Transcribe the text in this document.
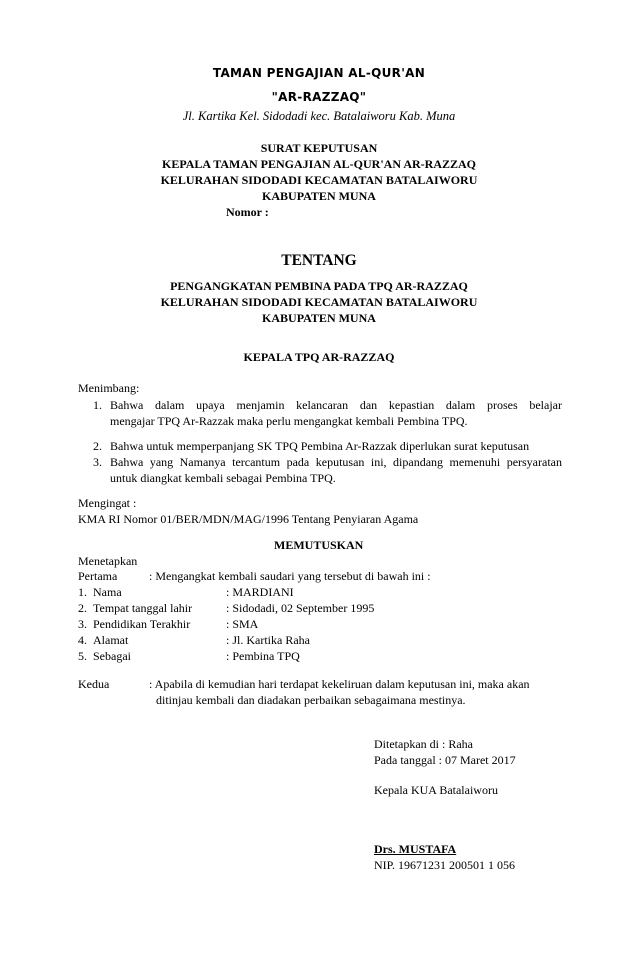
TAMAN PENGAJIAN AL-QUR'AN
"AR-RAZZAQ"
Jl. Kartika Kel. Sidodadi kec. Batalaiworu Kab. Muna
SURAT KEPUTUSAN
KEPALA TAMAN PENGAJIAN AL-QUR'AN AR-RAZZAQ
KELURAHAN SIDODADI KECAMATAN BATALAIWORU
KABUPATEN MUNA
Nomor :
TENTANG
PENGANGKATAN PEMBINA PADA TPQ AR-RAZZAQ
KELURAHAN SIDODADI KECAMATAN BATALAIWORU
KABUPATEN MUNA
KEPALA TPQ AR-RAZZAQ
Menimbang:
1. Bahwa dalam upaya menjamin kelancaran dan kepastian dalam proses belajar
mengajar TPQ Ar-Razzak maka perlu mengangkat kembali Pembina TPQ.
2. Bahwa untuk memperpanjang SK TPQ Pembina Ar-Razzak diperlukan surat keputusan
3. Bahwa yang Namanya tercantum pada keputusan ini, dipandang memenuhi persyaratan
untuk diangkat kembali sebagai Pembina TPQ.
Mengingat :
KMA RI Nomor 01/BER/MDN/MAG/1996 Tentang Penyiaran Agama
MEMUTUSKAN
Menetapkan
Pertama	: Mengangkat kembali saudari yang tersebut di bawah ini :
1. Nama	: MARDIANI
2. Tempat tanggal lahir	: Sidodadi, 02 September 1995
3. Pendidikan Terakhir	: SMA
4. Alamat	: Jl. Kartika Raha
5. Sebagai	: Pembina TPQ
Kedua	: Apabila di kemudian hari terdapat kekeliruan dalam keputusan ini, maka akan
ditinjau kembali dan diadakan perbaikan sebagaimana mestinya.
Ditetapkan di : Raha
Pada tanggal : 07 Maret 2017
Kepala KUA Batalaiworu
Drs. MUSTAFA
NIP. 19671231 200501 1 056
